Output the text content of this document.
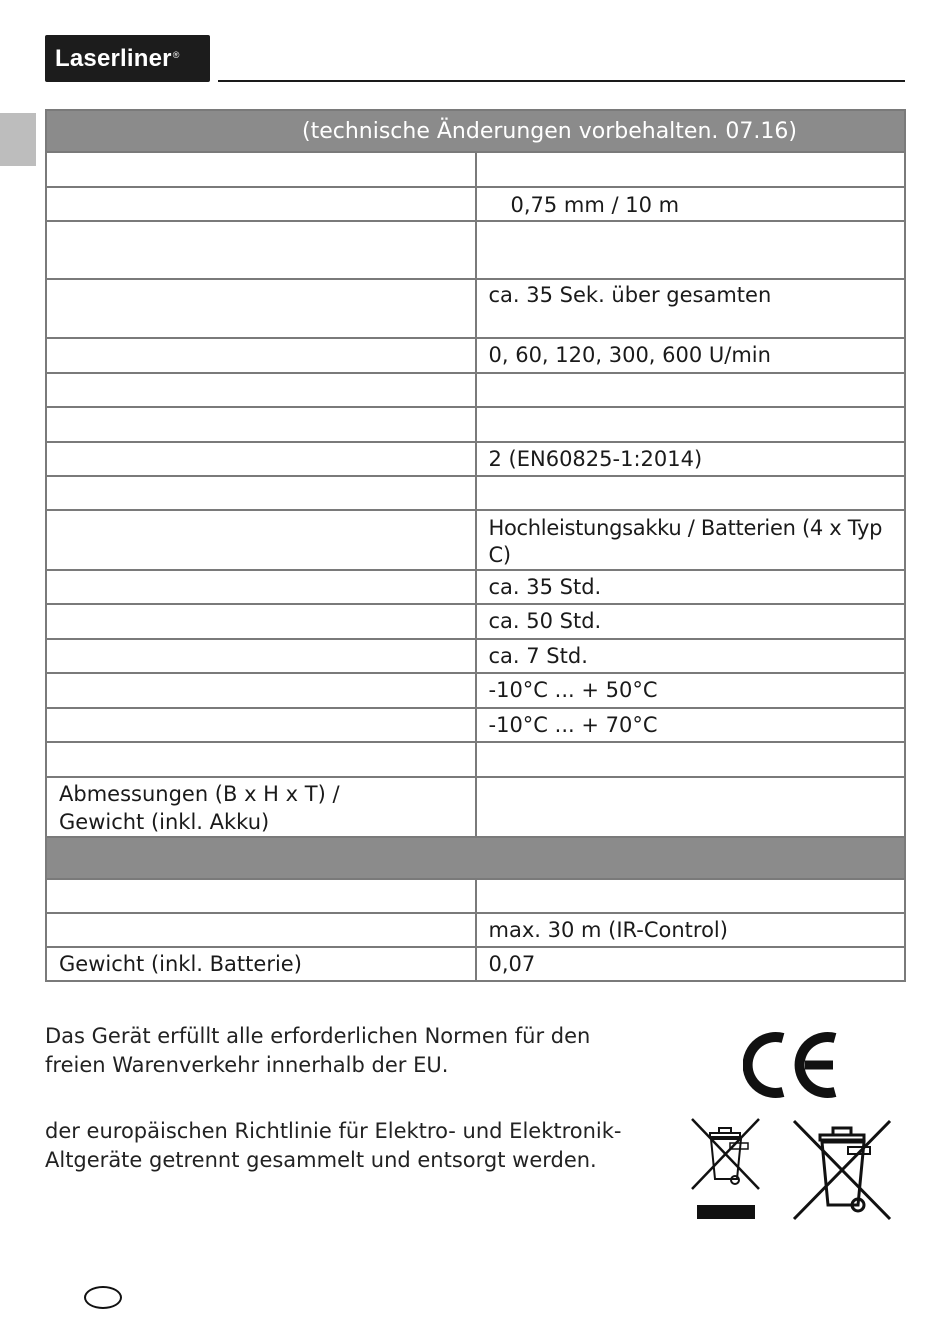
Laserliner®
(technische Änderungen vorbehalten. 07.16)	

	0,75 mm / 10 m

	ca. 35 Sek. über gesamten
	0, 60, 120, 300, 600 U/min

	2 (EN60825-1:2014)

	Hochleistungsakku / Batterien (4 x Typ C)
	ca. 35 Std.
	ca. 50 Std.
	ca. 7 Std.
	-10°C ... + 50°C
	-10°C ... + 70°C

Abmessungen (B x H x T) /
Gewicht (inkl. Akku)	

	max. 30 m (IR-Control)
Gewicht (inkl. Batterie)	0,07
Das Gerät erfüllt alle erforderlichen Normen für den
freien Warenverkehr innerhalb der EU.
der europäischen Richtlinie für Elektro- und Elektronik-
Altgeräte getrennt gesammelt und entsorgt werden.
